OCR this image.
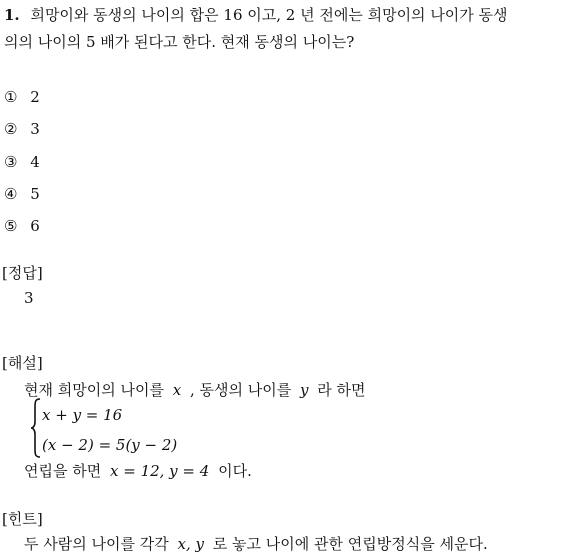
1. 희망이와 동생의 나이의 합은 16 이고, 2 년 전에는 희망이의 나이가 동생
의의 나이의 5 배가 된다고 한다. 현재 동생의 나이는?
① 2
② 3
③ 4
④ 5
⑤ 6
[정답]
3
[해설]
현재 희망이의 나이를 x , 동생의 나이를 y 라 하면
x + y = 16
(x − 2) = 5(y − 2)
연립을 하면 x = 12, y = 4 이다.
[힌트]
두 사람의 나이를 각각 x, y 로 놓고 나이에 관한 연립방정식을 세운다.
